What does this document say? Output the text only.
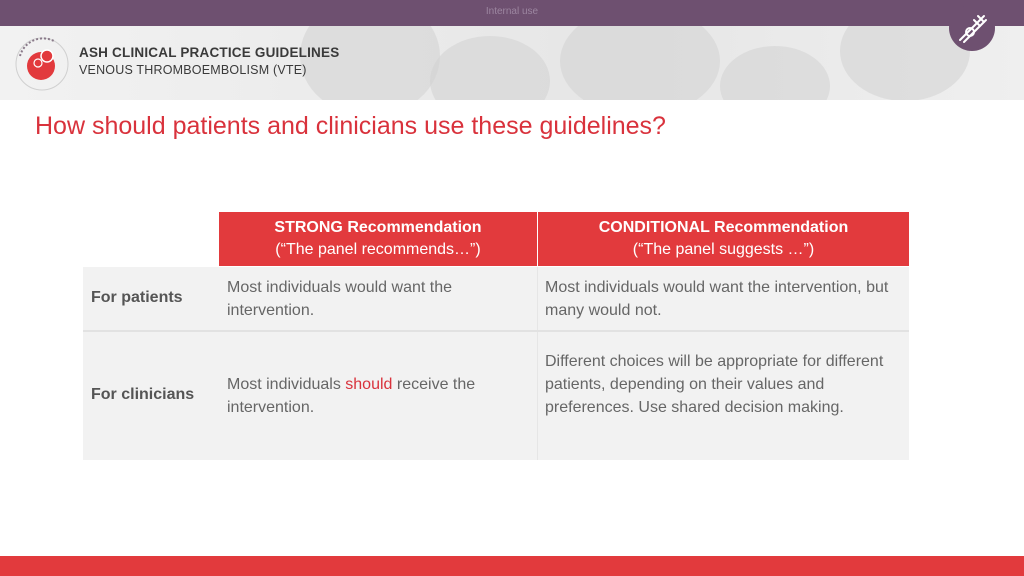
Internal use
ASH CLINICAL PRACTICE GUIDELINES
VENOUS THROMBOEMBOLISM (VTE)
How should patients and clinicians use these guidelines?
STRONG Recommendation
(“The panel recommends…”)
CONDITIONAL Recommendation
(“The panel suggests …”)
For patients
Most individuals would want the intervention.
Most individuals would want the intervention, but many would not.
For clinicians
Most individuals should receive the intervention.
Different choices will be appropriate for different patients, depending on their values and preferences. Use shared decision making.
